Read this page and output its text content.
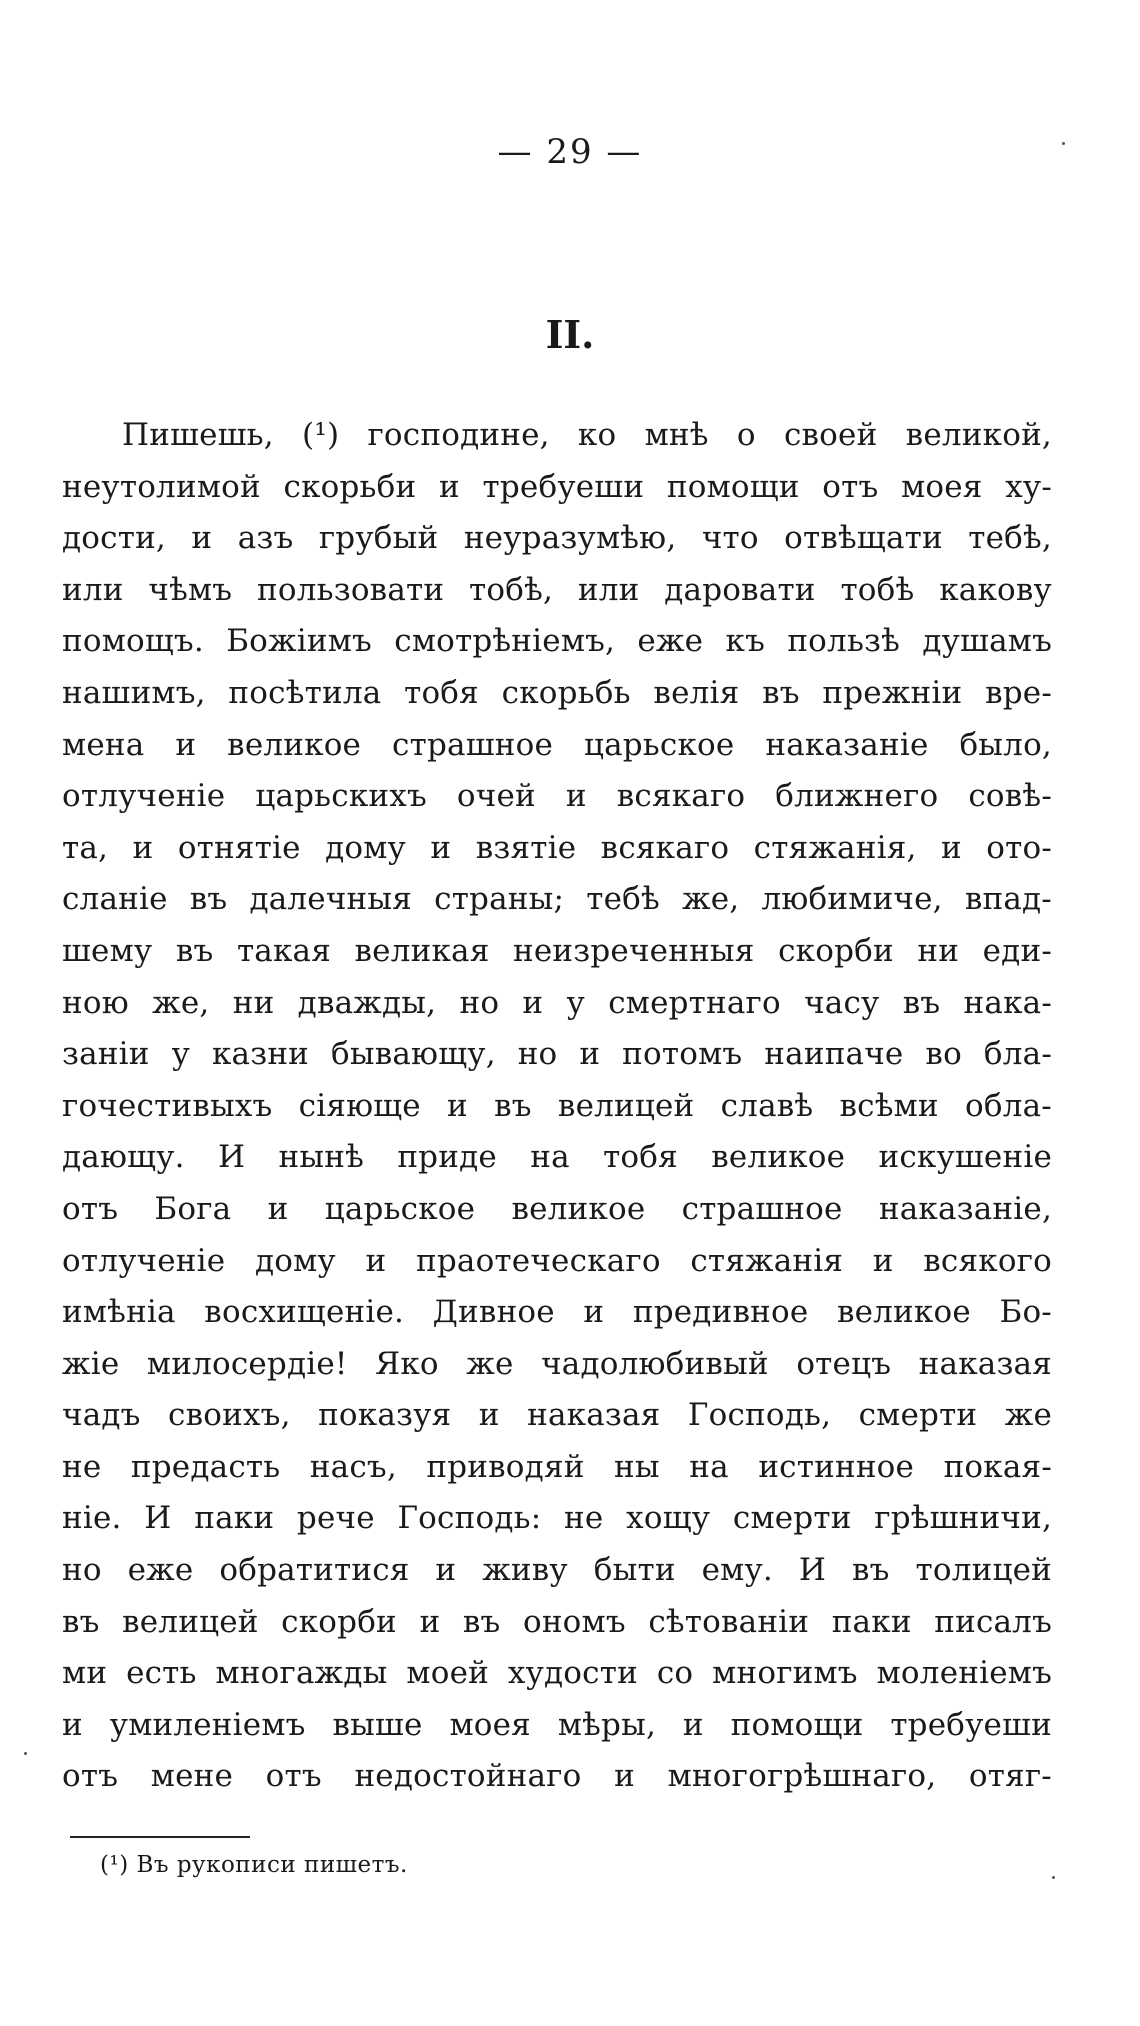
— 29 —
II.
Пишешь, (¹) господине, ко мнѣ о своей великой,
неутолимой скорьби и требуеши помощи отъ моея ху-
дости, и азъ грубый неуразумѣю, что отвѣщати тебѣ,
или чѣмъ пользовати тобѣ, или даровати тобѣ какову
помощъ. Божіимъ смотрѣніемъ, еже къ пользѣ душамъ
нашимъ, посѣтила тобя скорьбь велія въ прежніи вре-
мена и великое страшное царьское наказаніе было,
отлученіе царьскихъ очей и всякаго ближнего совѣ-
та, и отнятіе дому и взятіе всякаго стяжанія, и ото-
сланіе въ далечныя страны; тебѣ же, любимиче, впад-
шему въ такая великая неизреченныя скорби ни еди-
ною же, ни дважды, но и у смертнаго часу въ нака-
заніи у казни бывающу, но и потомъ наипаче во бла-
гочестивыхъ сіяюще и въ велицей славѣ всѣми обла-
дающу. И нынѣ приде на тобя великое искушеніе
отъ Бога и царьское великое страшное наказаніе,
отлученіе дому и праотеческаго стяжанія и всякого
имѣніа восхищеніе. Дивное и предивное великое Бо-
жіе милосердіе! Яко же чадолюбивый отецъ наказая
чадъ своихъ, показуя и наказая Господь, смерти же
не предасть насъ, приводяй ны на истинное покая-
ніе. И паки рече Господь: не хощу смерти грѣшничи,
но еже обратитися и живу быти ему. И въ толицей
въ велицей скорби и въ ономъ сѣтованіи паки писалъ
ми есть многажды моей худости со многимъ моленіемъ
и умиленіемъ выше моея мѣры, и помощи требуеши
отъ мене отъ недостойнаго и многогрѣшнаго, отяг-
(¹) Въ рукописи пишетъ.
